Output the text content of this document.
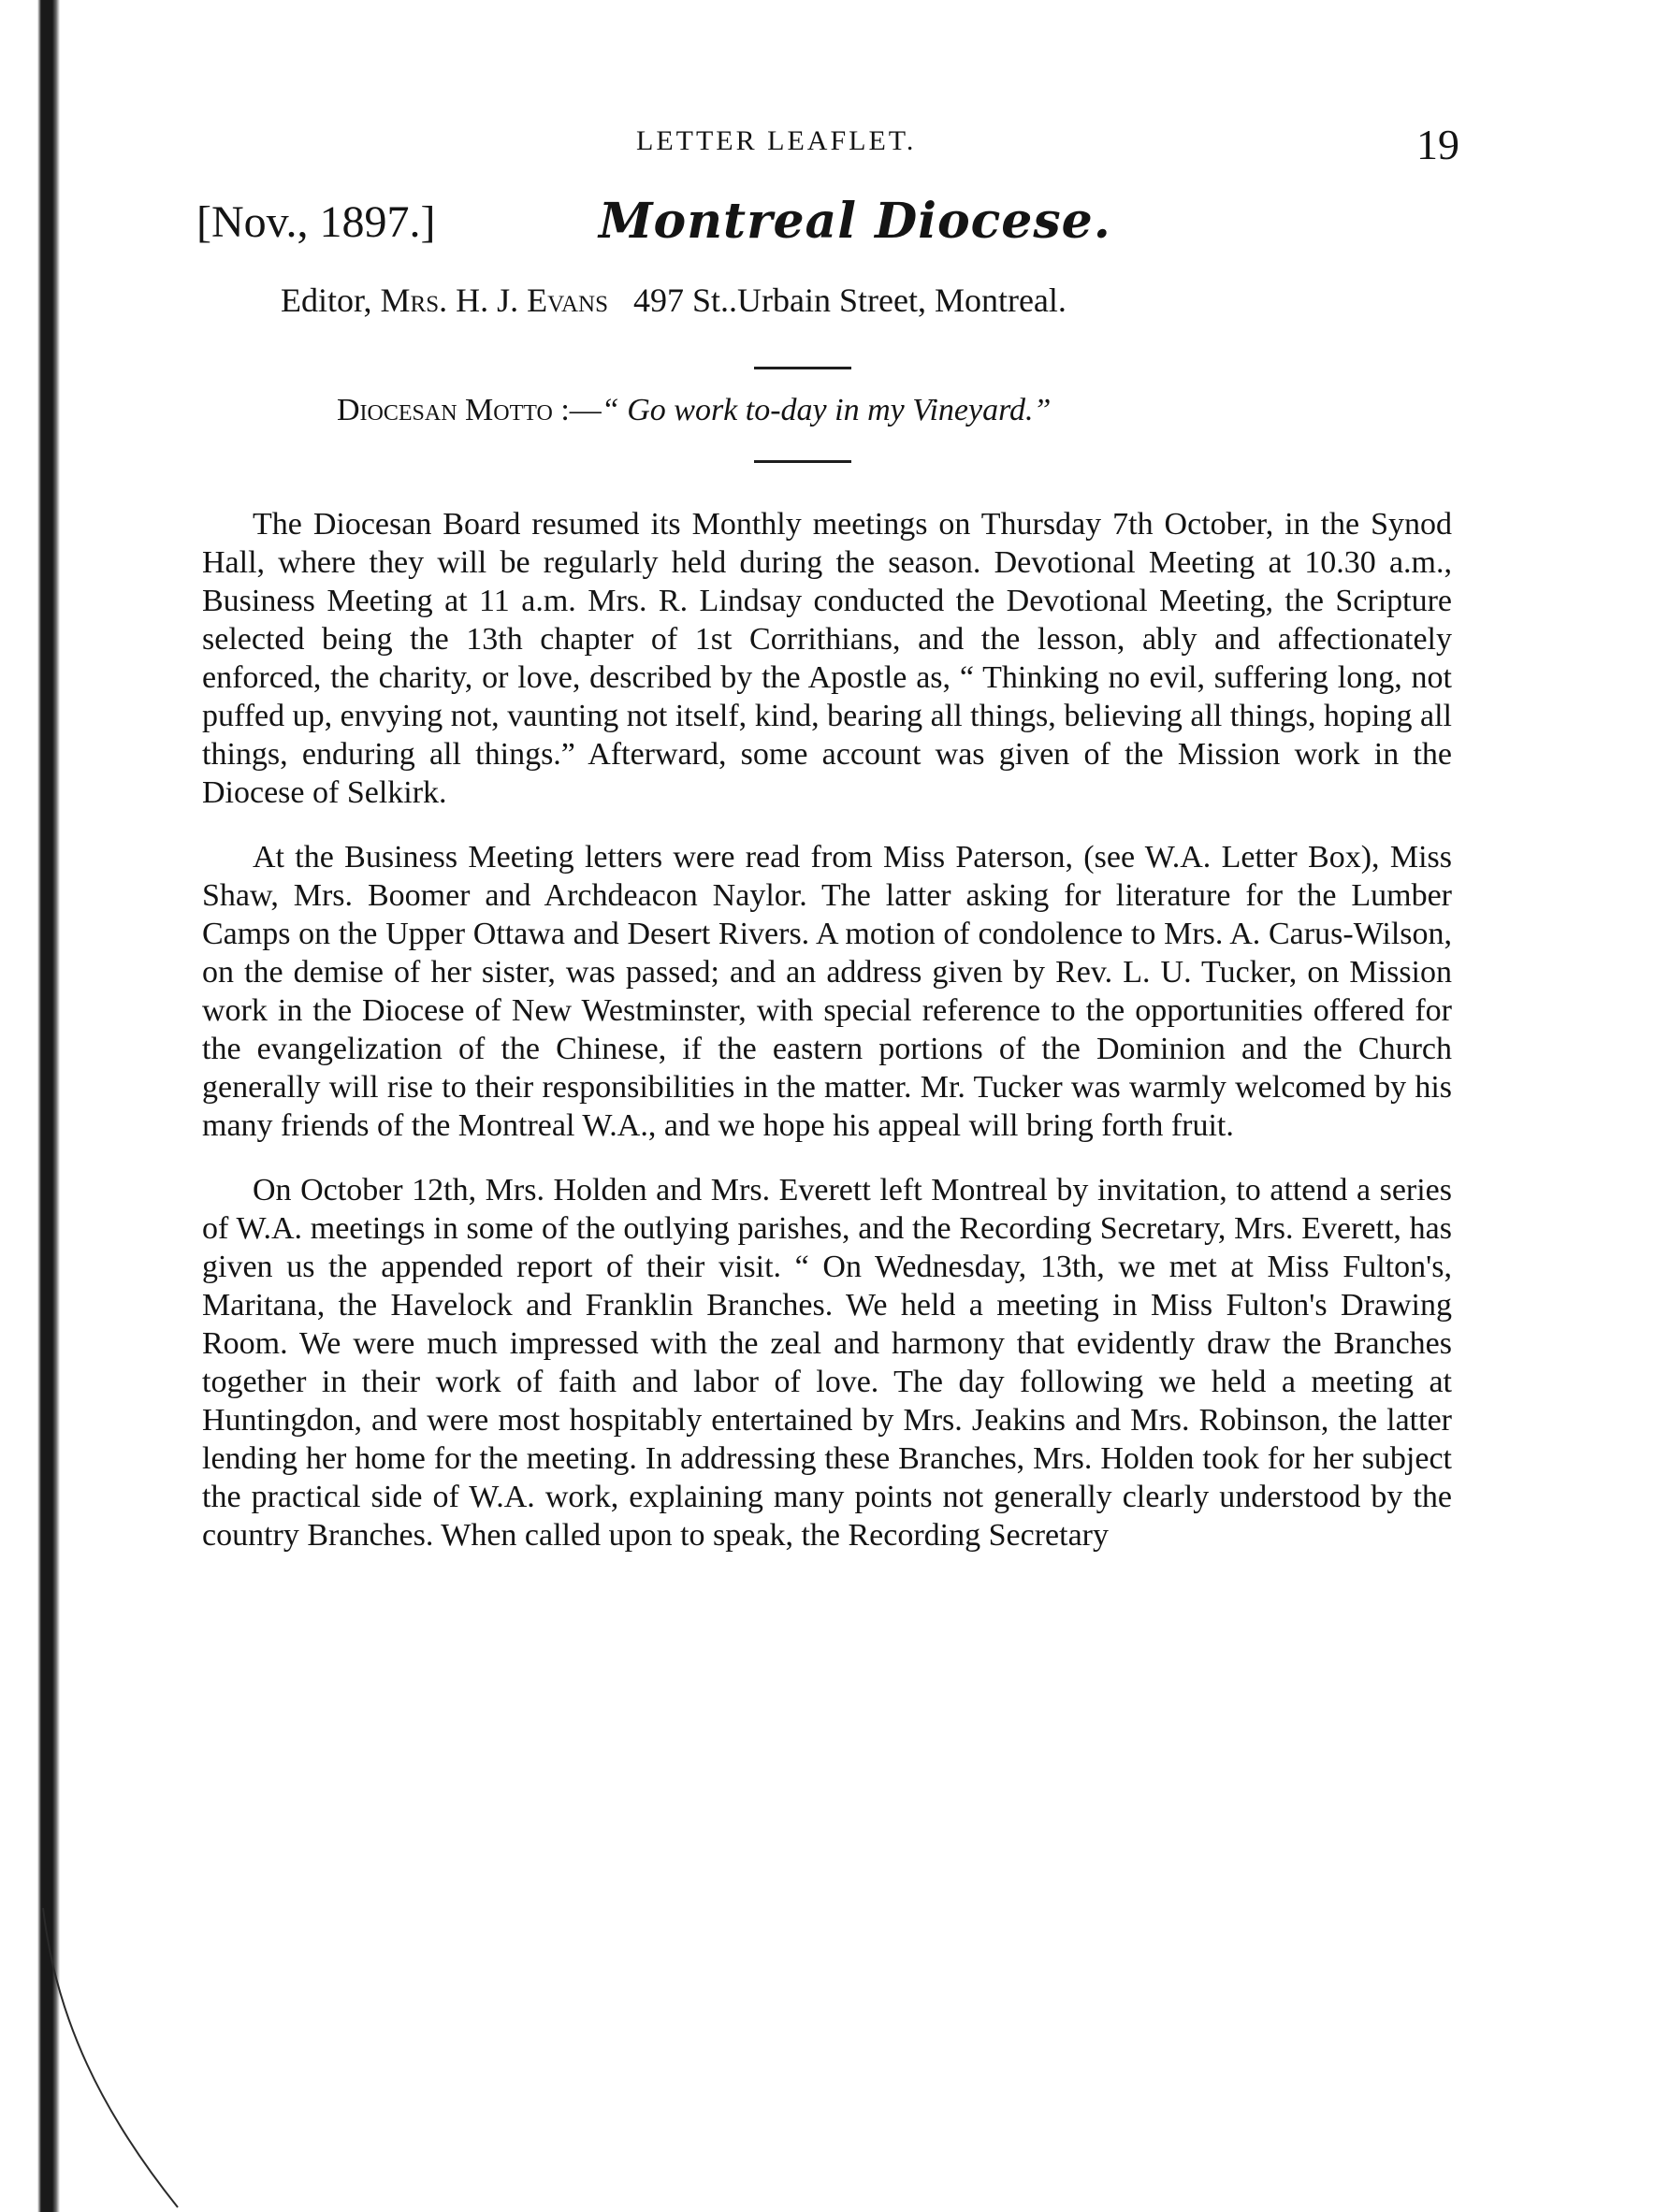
LETTER LEAFLET.	19
[Nov., 1897.]	Montreal Diocese.
Editor, Mrs. H. J. Evans 497 St..Urbain Street, Montreal.
Diocesan Motto :—“ Go work to-day in my Vineyard.”

The Diocesan Board resumed its Monthly meetings on Thursday 7th October, in the Synod Hall, where they will be regularly held during the season. Devotional Meeting at 10.30 a.m., Business Meeting at 11 a.m. Mrs. R. Lindsay conducted the Devotional Meeting, the Scripture selected being the 13th chapter of 1st Corrithians, and the lesson, ably and affectionately enforced, the charity, or love, described by the Apostle as, “ Thinking no evil, suffering long, not puffed up, envying not, vaunting not itself, kind, bearing all things, believing all things, hoping all things, enduring all things.” Afterward, some account was given of the Mission work in the Diocese of Selkirk.

At the Business Meeting letters were read from Miss Paterson, (see W.A. Letter Box), Miss Shaw, Mrs. Boomer and Archdeacon Naylor. The latter asking for literature for the Lumber Camps on the Upper Ottawa and Desert Rivers. A motion of condolence to Mrs. A. Carus-Wilson, on the demise of her sister, was passed; and an address given by Rev. L. U. Tucker, on Mission work in the Diocese of New Westminster, with special reference to the opportunities offered for the evangelization of the Chinese, if the eastern portions of the Dominion and the Church generally will rise to their responsibilities in the matter. Mr. Tucker was warmly welcomed by his many friends of the Montreal W.A., and we hope his appeal will bring forth fruit.

On October 12th, Mrs. Holden and Mrs. Everett left Montreal by invitation, to attend a series of W.A. meetings in some of the outlying parishes, and the Recording Secretary, Mrs. Everett, has given us the appended report of their visit. “ On Wednesday, 13th, we met at Miss Fulton's, Maritana, the Havelock and Franklin Branches. We held a meeting in Miss Fulton's Drawing Room. We were much impressed with the zeal and harmony that evidently draw the Branches together in their work of faith and labor of love. The day following we held a meeting at Huntingdon, and were most hospitably entertained by Mrs. Jeakins and Mrs. Robinson, the latter lending her home for the meeting. In addressing these Branches, Mrs. Holden took for her subject the practical side of W.A. work, explaining many points not generally clearly understood by the country Branches. When called upon to speak, the Recording Secretary
